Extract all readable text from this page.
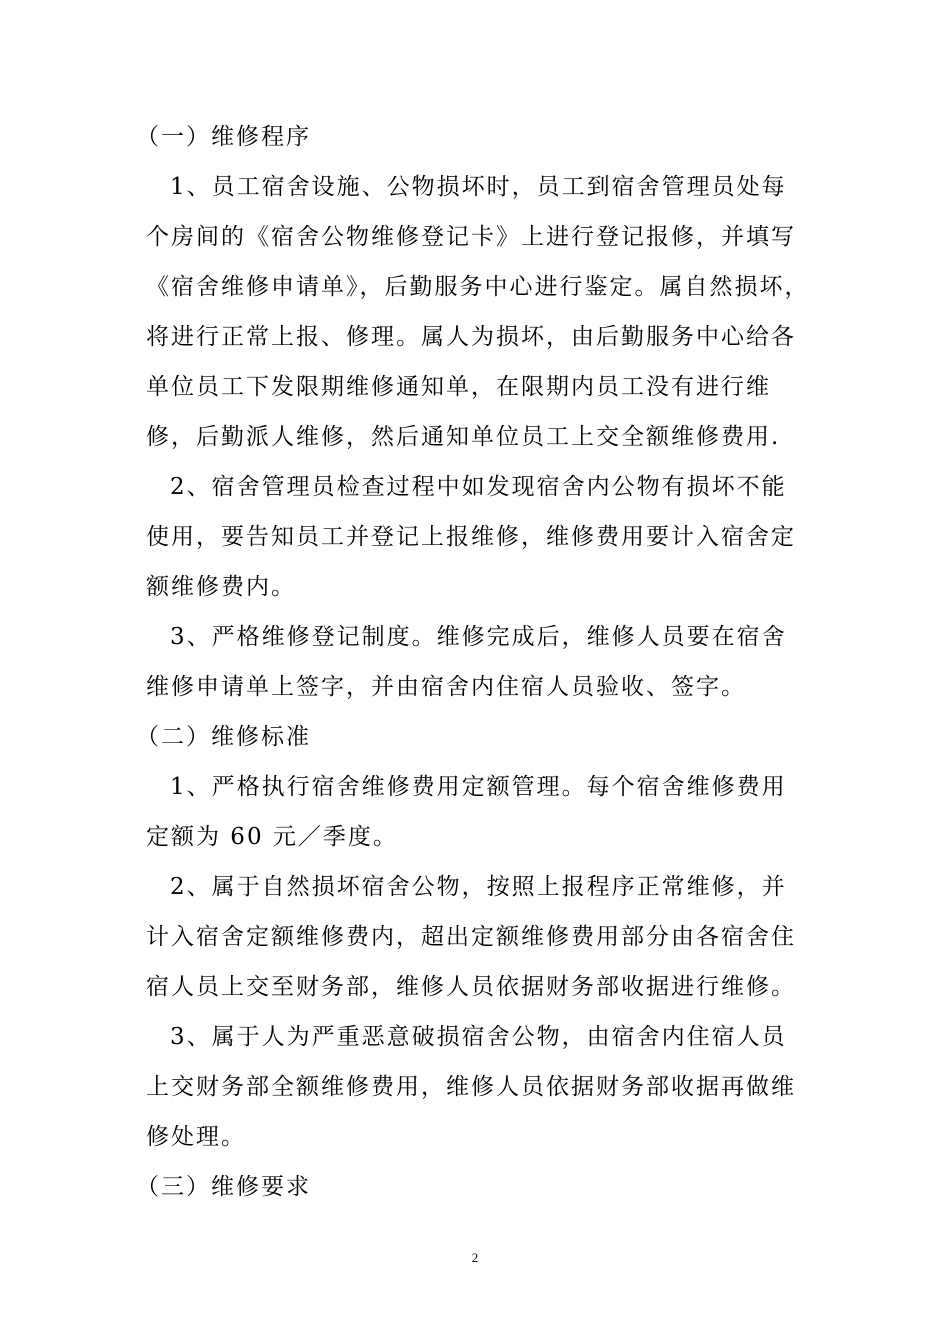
（一）维修程序
1、员工宿舍设施、公物损坏时，员工到宿舍管理员处每
个房间的《宿舍公物维修登记卡》上进行登记报修，并填写
《宿舍维修申请单》，后勤服务中心进行鉴定。属自然损坏，
将进行正常上报、修理。属人为损坏，由后勤服务中心给各
单位员工下发限期维修通知单，在限期内员工没有进行维
修，后勤派人维修，然后通知单位员工上交全额维修费用.
2、宿舍管理员检查过程中如发现宿舍内公物有损坏不能
使用，要告知员工并登记上报维修，维修费用要计入宿舍定
额维修费内。
3、严格维修登记制度。维修完成后，维修人员要在宿舍
维修申请单上签字，并由宿舍内住宿人员验收、签字。
（二）维修标准
1、严格执行宿舍维修费用定额管理。每个宿舍维修费用
定额为 60 元／季度。
2、属于自然损坏宿舍公物，按照上报程序正常维修，并
计入宿舍定额维修费内，超出定额维修费用部分由各宿舍住
宿人员上交至财务部，维修人员依据财务部收据进行维修。
3、属于人为严重恶意破损宿舍公物，由宿舍内住宿人员
上交财务部全额维修费用，维修人员依据财务部收据再做维
修处理。
（三）维修要求
2
